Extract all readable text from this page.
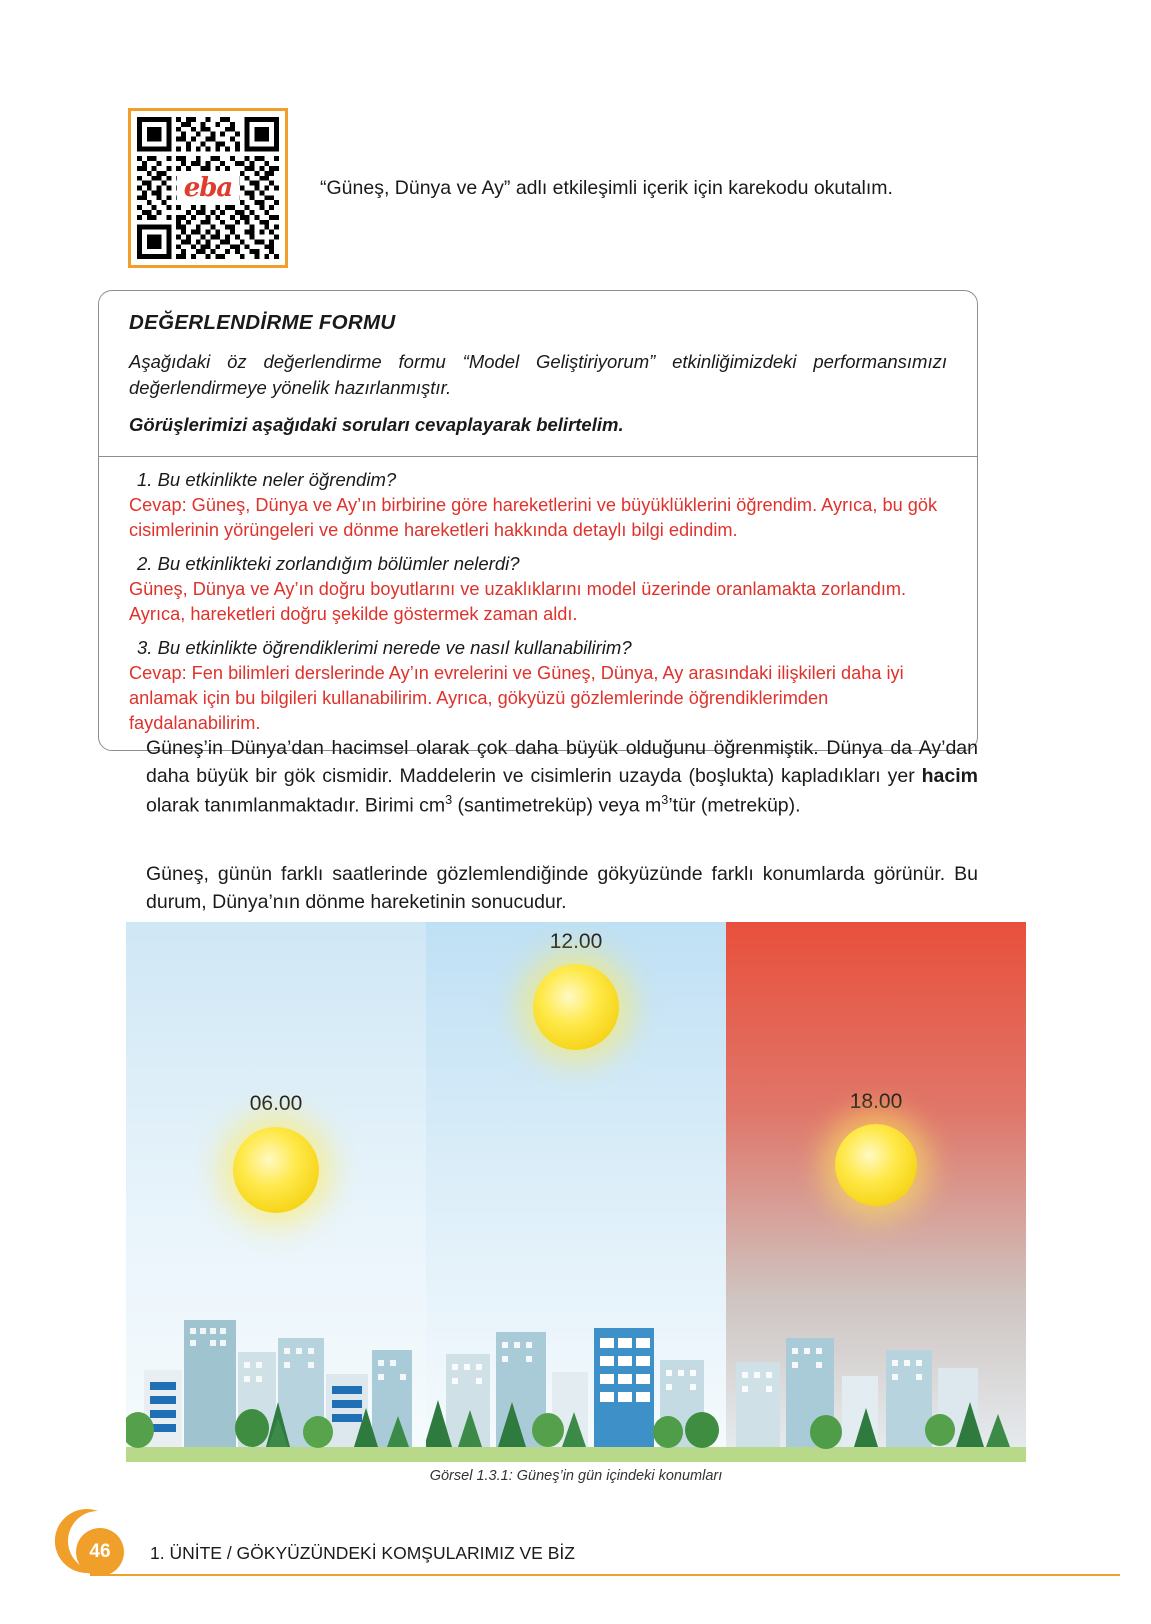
eba	“Güneş, Dünya ve Ay” adlı etkileşimli içerik için karekodu okutalım.
DEĞERLENDİRME FORMU
Aşağıdaki öz değerlendirme formu “Model Geliştiriyorum” etkinliğimizdeki performansımızı değerlendirmeye yönelik hazırlanmıştır.
Görüşlerimizi aşağıdaki soruları cevaplayarak belirtelim.
1. Bu etkinlikte neler öğrendim?
Cevap: Güneş, Dünya ve Ay’ın birbirine göre hareketlerini ve büyüklüklerini öğrendim. Ayrıca, bu gök cisimlerinin yörüngeleri ve dönme hareketleri hakkında detaylı bilgi edindim.
2. Bu etkinlikteki zorlandığım bölümler nelerdi?
Güneş, Dünya ve Ay’ın doğru boyutlarını ve uzaklıklarını model üzerinde oranlamakta zorlandım. Ayrıca, hareketleri doğru şekilde göstermek zaman aldı.
3. Bu etkinlikte öğrendiklerimi nerede ve nasıl kullanabilirim?
Cevap: Fen bilimleri derslerinde Ay’ın evrelerini ve Güneş, Dünya, Ay arasındaki ilişkileri daha iyi anlamak için bu bilgileri kullanabilirim. Ayrıca, gökyüzü gözlemlerinde öğrendiklerimden faydalanabilirim.

Güneş’in Dünya’dan hacimsel olarak çok daha büyük olduğunu öğrenmiştik. Dünya da Ay’dan daha büyük bir gök cismidir. Maddelerin ve cisimlerin uzayda (boşlukta) kapladıkları yer hacim olarak tanımlanmaktadır. Birimi $cm^3$ (santimetreküp) veya $m^3’tür$ (metreküp).

Güneş, günün farklı saatlerinde gözlemlendiğinde gökyüzünde farklı konumlarda görünür. Bu durum, Dünya’nın dönme hareketinin sonucudur.

06.00
12.00
18.00
Görsel 1.3.1: Güneş’in gün içindeki konumları
1. ÜNİTE / GÖKYÜZÜNDEKİ KOMŞULARIMIZ VE BİZ
46
